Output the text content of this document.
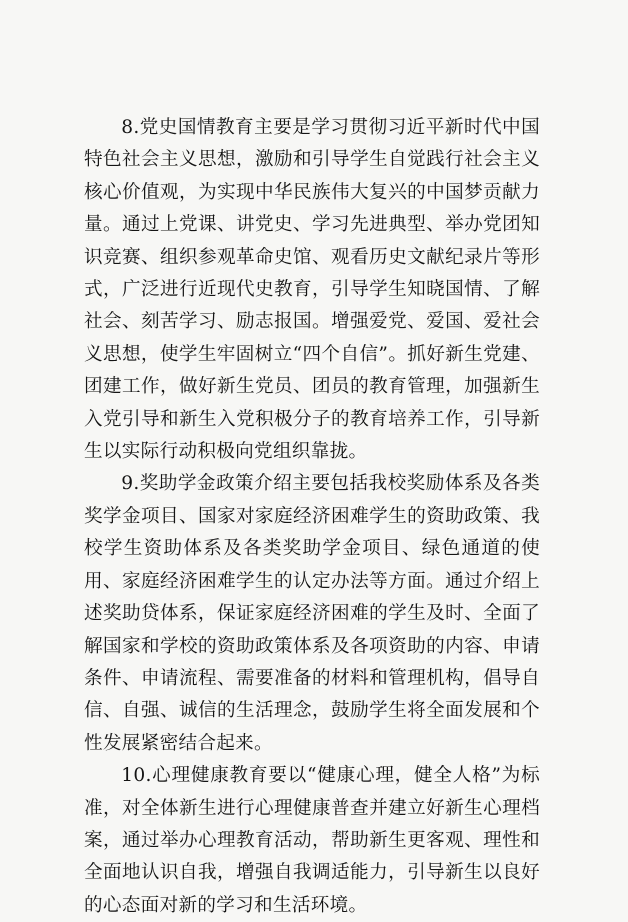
8.党史国情教育主要是学习贯彻习近平新时代中国特色社会主义思想，激励和引导学生自觉践行社会主义核心价值观，为实现中华民族伟大复兴的中国梦贡献力量。通过上党课、讲党史、学习先进典型、举办党团知识竞赛、组织参观革命史馆、观看历史文献纪录片等形式，广泛进行近现代史教育，引导学生知晓国情、了解社会、刻苦学习、励志报国。增强爱党、爱国、爱社会义思想，使学生牢固树立“四个自信”。抓好新生党建、团建工作，做好新生党员、团员的教育管理，加强新生入党引导和新生入党积极分子的教育培养工作，引导新生以实际行动积极向党组织靠拢。

9.奖助学金政策介绍主要包括我校奖励体系及各类奖学金项目、国家对家庭经济困难学生的资助政策、我校学生资助体系及各类奖助学金项目、绿色通道的使用、家庭经济困难学生的认定办法等方面。通过介绍上述奖助贷体系，保证家庭经济困难的学生及时、全面了解国家和学校的资助政策体系及各项资助的内容、申请条件、申请流程、需要准备的材料和管理机构，倡导自信、自强、诚信的生活理念，鼓励学生将全面发展和个性发展紧密结合起来。

10.心理健康教育要以“健康心理，健全人格”为标准，对全体新生进行心理健康普查并建立好新生心理档案，通过举办心理教育活动，帮助新生更客观、理性和全面地认识自我，增强自我调适能力，引导新生以良好的心态面对新的学习和生活环境。
